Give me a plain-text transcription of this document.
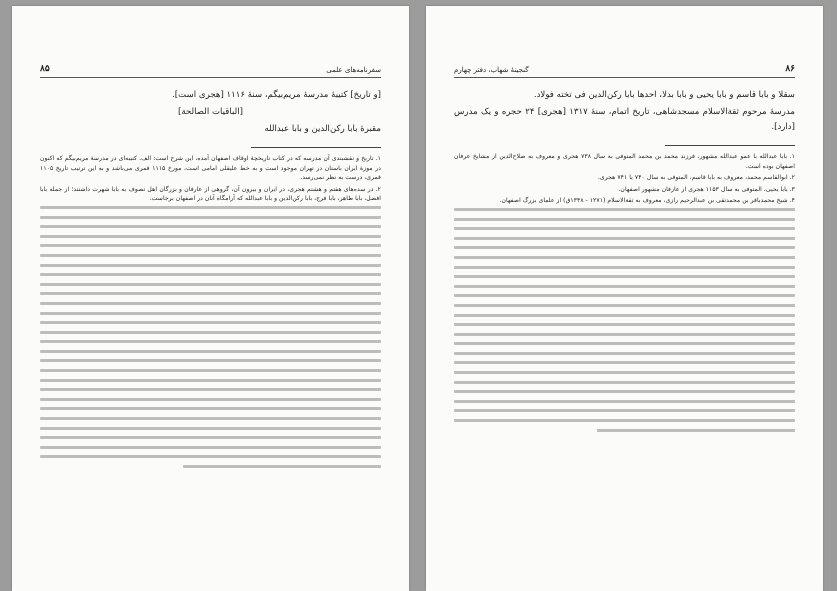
سفرنامه‌های علمی
۸۵

[و تاریخ] کتیبهٔ مدرسهٔ مریم‌بیگم، سنهٔ ۱۱۱۶ [هجری است].

[الباقیات الصالحة]

مقبرهٔ بابا رکن‌الدین و بابا عبدالله

۱. تاریخ و نقشبندی آن مدرسه که در کتاب تاریخچهٔ اوقاف اصفهان آمده، این شرح است: الف. کتیبه‌ای در مدرسهٔ مریم‌بیگم که اکنون در موزهٔ ایران باستان در تهران موجود است و به خط علیقلی امامی است، مورخ ۱۱۱۵ قمری می‌باشد و به این ترتیب تاریخ ۱۱۰۵ قمری، درست به نظر نمی‌رسد.

۲. در سده‌های هفتم و هشتم هجری، در ایران و بیرون آن، گروهی از عارفان و بزرگان اهل تصوف به بابا شهرت داشتند؛ از جمله بابا افضل، بابا طاهر، بابا فرج، بابا رکن‌الدین و بابا عبدالله که آرامگاه آنان در اصفهان برجاست.

۸۶
گنجینهٔ شهاب، دفتر چهارم

سقلا و بابا قاسم و بابا یحیی و بابا بدلا، احدها بابا رکن‌الدین فی تخته فولاد.

مدرسهٔ مرحوم ثقة‌الاسلام مسجدشاهی، تاریخ اتمام، سنهٔ ۱۳۱۷ [هجری] ۲۴ حجره و یک مدرس [دارد].

۱. بابا عبدالله با عمو عبدالله مشهور، فرزند محمد بن محمد المتوفی به سال ۷۳۸ هجری و معروف به صلاح‌الدین از مشایخ عرفان اصفهان بوده است.

۲. ابوالقاسم محمد، معروف به بابا قاسم، المتوفی به سال ۷۴۰ یا ۷۴۱ هجری.

۳. بابا یحیی، المتوفی به سال ۱۱۵۳ هجری از عارفان مشهور اصفهان.

۴. شیخ محمدباقر بن محمدتقی بن عبدالرحیم رازی، معروف به ثقة‌الاسلام (۱۲۷۱ - ۱۳۴۸ق) از علمای بزرگ اصفهان.
